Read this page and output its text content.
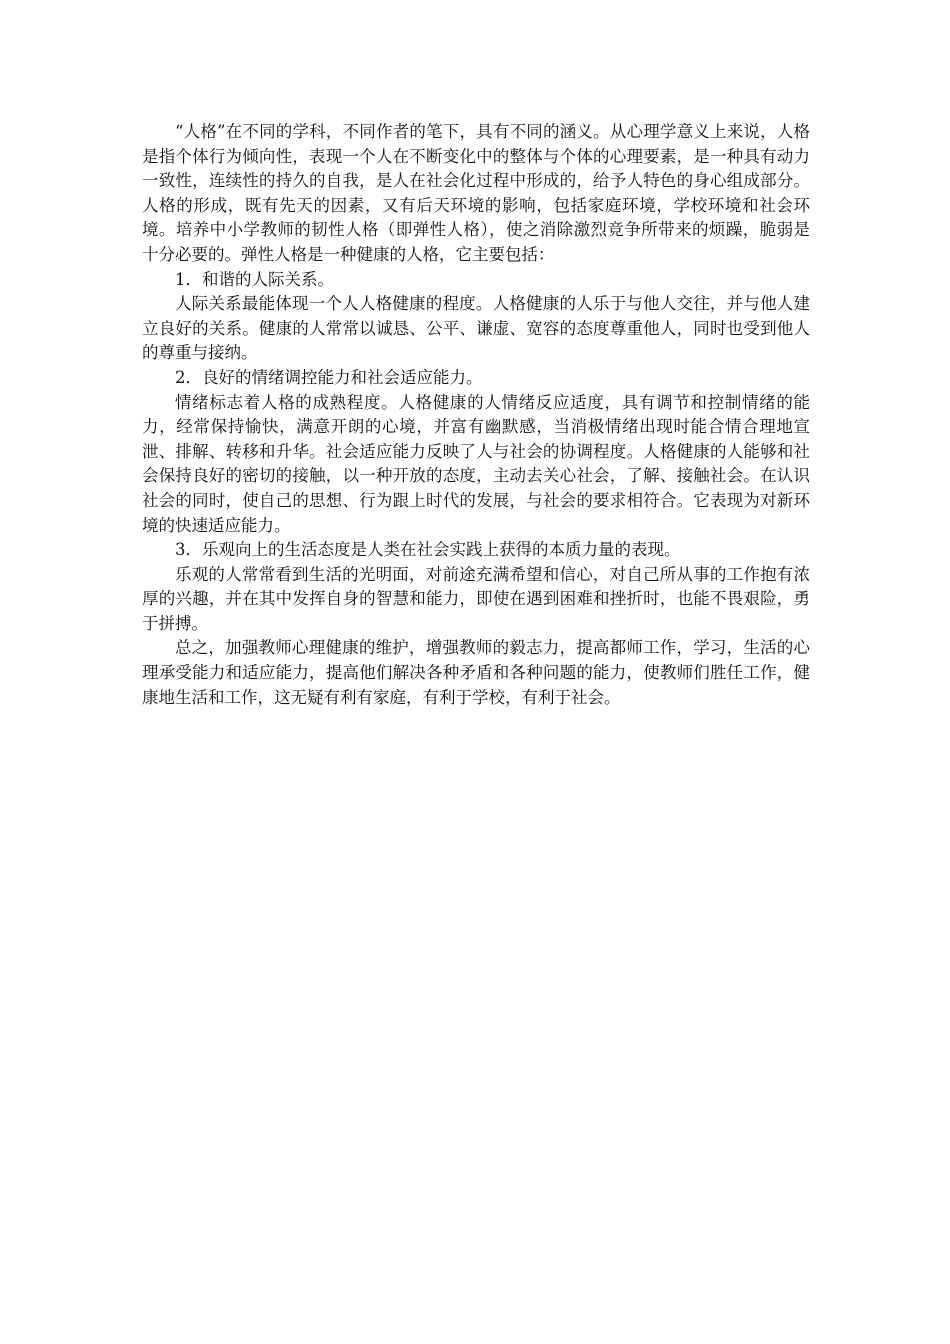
“人格”在不同的学科，不同作者的笔下，具有不同的涵义。从心理学意义上来说，人格是指个体行为倾向性，表现一个人在不断变化中的整体与个体的心理要素，是一种具有动力一致性，连续性的持久的自我，是人在社会化过程中形成的，给予人特色的身心组成部分。人格的形成，既有先天的因素，又有后天环境的影响，包括家庭环境，学校环境和社会环境。培养中小学教师的韧性人格（即弹性人格），使之消除激烈竞争所带来的烦躁，脆弱是十分必要的。弹性人格是一种健康的人格，它主要包括：

1．和谐的人际关系。

人际关系最能体现一个人人格健康的程度。人格健康的人乐于与他人交往，并与他人建立良好的关系。健康的人常常以诚恳、公平、谦虚、宽容的态度尊重他人，同时也受到他人的尊重与接纳。

2．良好的情绪调控能力和社会适应能力。

情绪标志着人格的成熟程度。人格健康的人情绪反应适度，具有调节和控制情绪的能力，经常保持愉快，满意开朗的心境，并富有幽默感，当消极情绪出现时能合情合理地宣泄、排解、转移和升华。社会适应能力反映了人与社会的协调程度。人格健康的人能够和社会保持良好的密切的接触，以一种开放的态度，主动去关心社会，了解、接触社会。在认识社会的同时，使自己的思想、行为跟上时代的发展，与社会的要求相符合。它表现为对新环境的快速适应能力。

3．乐观向上的生活态度是人类在社会实践上获得的本质力量的表现。

乐观的人常常看到生活的光明面，对前途充满希望和信心，对自己所从事的工作抱有浓厚的兴趣，并在其中发挥自身的智慧和能力，即使在遇到困难和挫折时，也能不畏艰险，勇于拼搏。

总之，加强教师心理健康的维护，增强教师的毅志力，提高都师工作，学习，生活的心理承受能力和适应能力，提高他们解决各种矛盾和各种问题的能力，使教师们胜任工作，健康地生活和工作，这无疑有利有家庭，有利于学校，有利于社会。
